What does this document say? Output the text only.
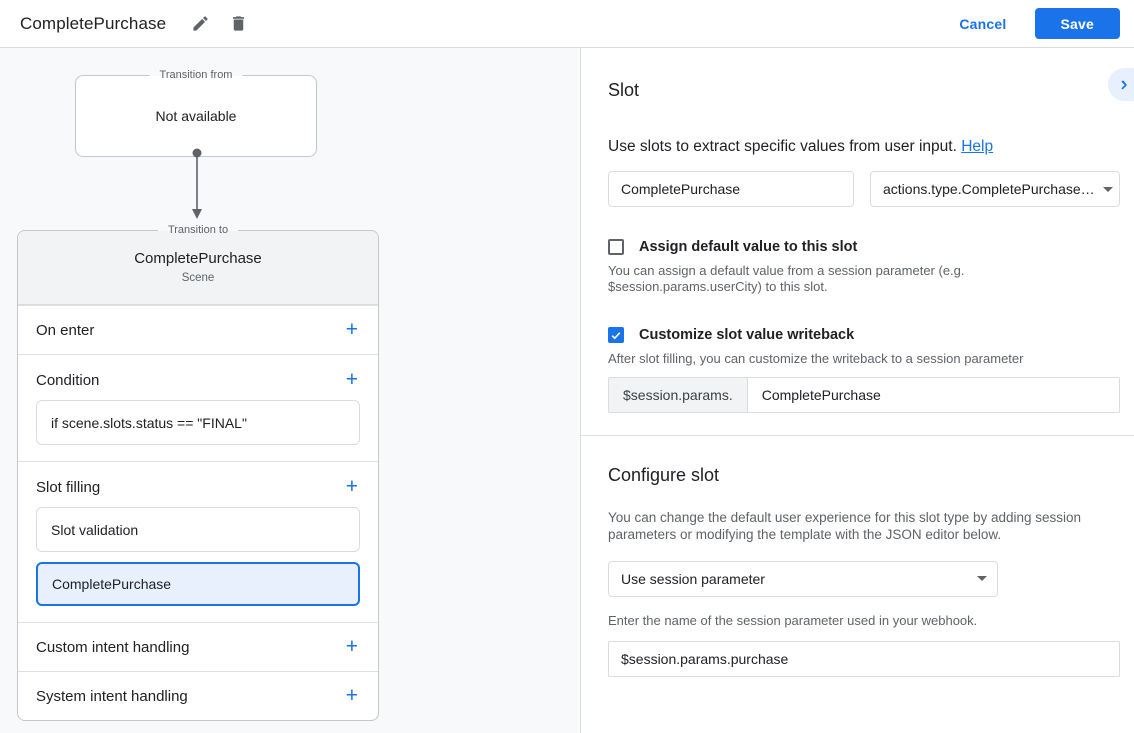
CompletePurchase	Cancel	Save
Transition from
Not available
Transition to
CompletePurchase
Scene
On enter	+
Condition	+
if scene.slots.status == "FINAL"
Slot filling	+
Slot validation
CompletePurchase
Custom intent handling	+
System intent handling	+
Slot

Use slots to extract specific values from user input. Help

CompletePurchase
actions.type.CompletePurchase…
Assign default value to this slot

You can assign a default value from a session parameter (e.g. $session.params.userCity) to this slot.

Customize slot value writeback

After slot filling, you can customize the writeback to a session parameter

$session.params.
CompletePurchase
Configure slot

You can change the default user experience for this slot type by adding session parameters or modifying the template with the JSON editor below.

Use session parameter

Enter the name of the session parameter used in your webhook.

$session.params.purchase
